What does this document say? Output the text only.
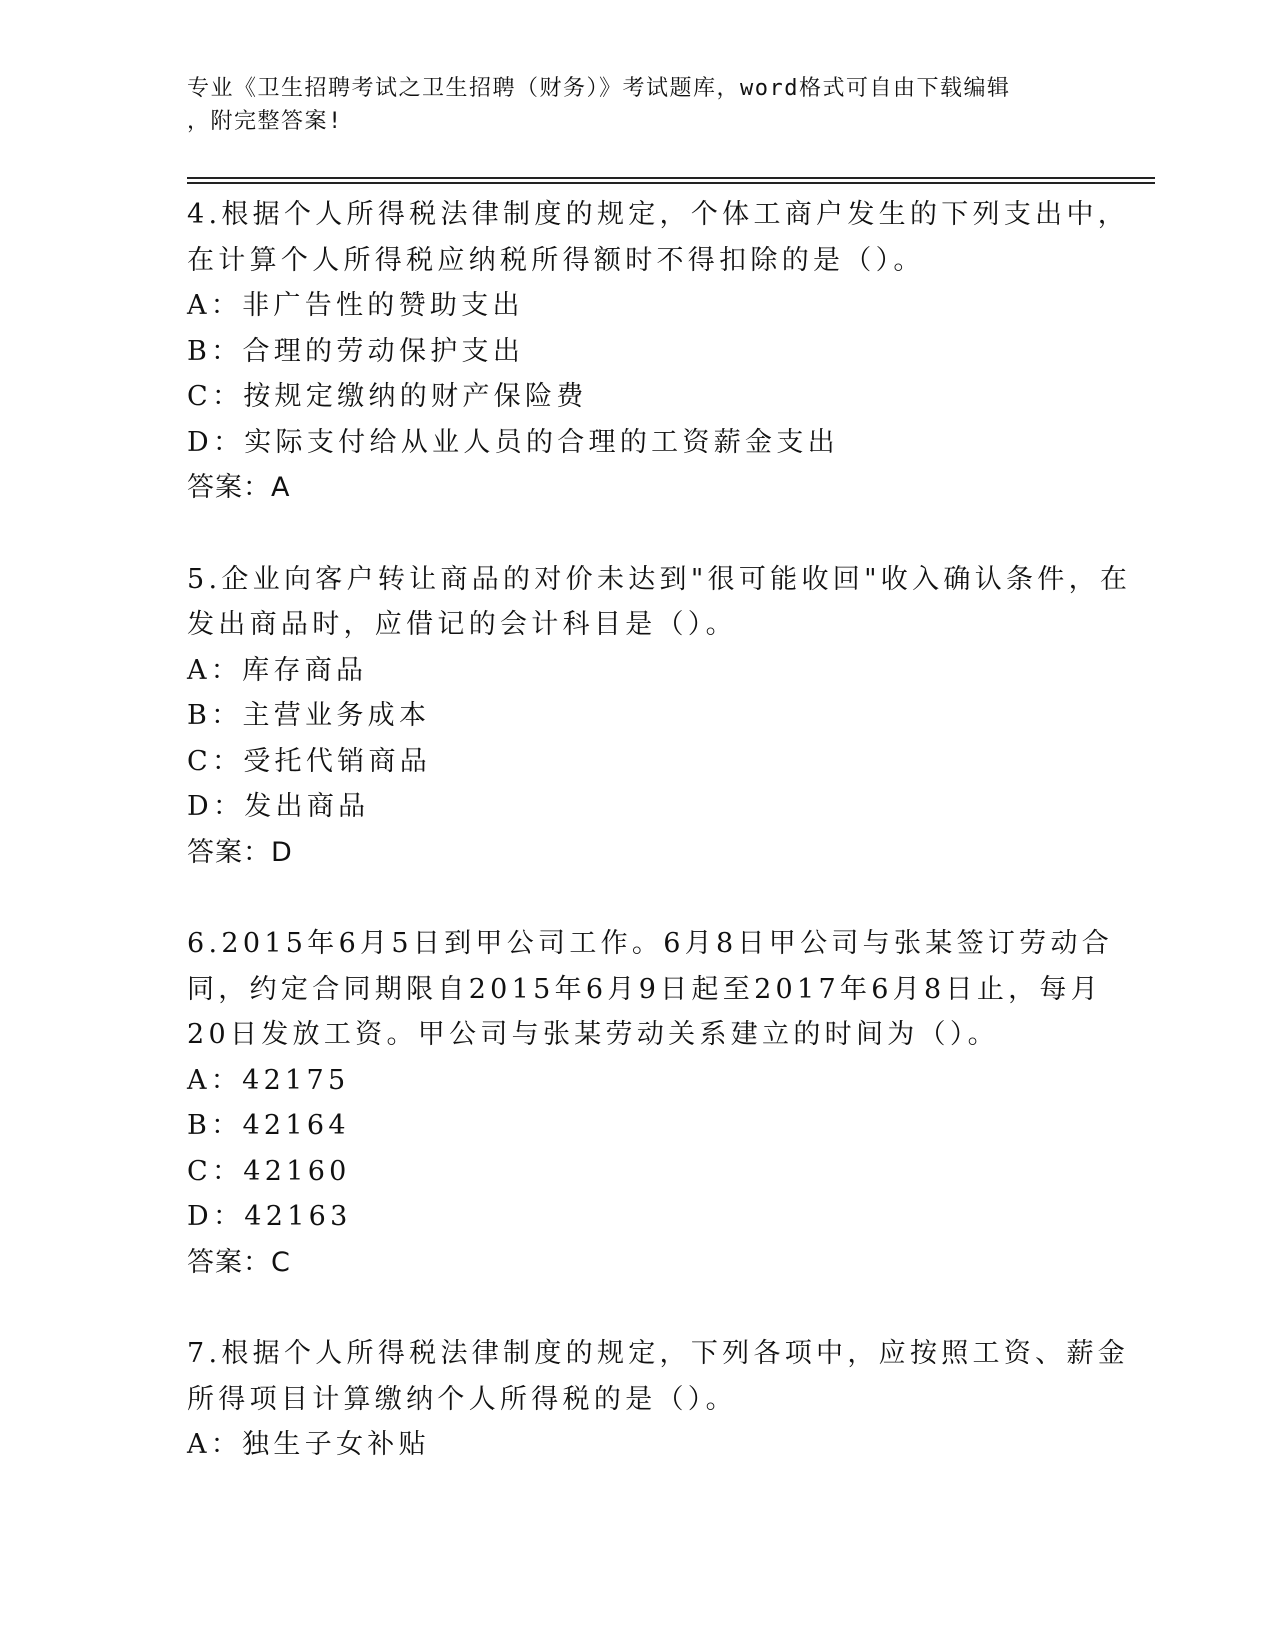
专业《卫生招聘考试之卫生招聘（财务）》考试题库，word格式可自由下载编辑
，附完整答案!
4.根据个人所得税法律制度的规定，个体工商户发生的下列支出中，
在计算个人所得税应纳税所得额时不得扣除的是（）。
A：非广告性的赞助支出
B：合理的劳动保护支出
C：按规定缴纳的财产保险费
D：实际支付给从业人员的合理的工资薪金支出
答案：A
5.企业向客户转让商品的对价未达到"很可能收回"收入确认条件，在
发出商品时，应借记的会计科目是（）。
A：库存商品
B：主营业务成本
C：受托代销商品
D：发出商品
答案：D
6.2015年6月5日到甲公司工作。6月8日甲公司与张某签订劳动合
同，约定合同期限自2015年6月9日起至2017年6月8日止，每月
20日发放工资。甲公司与张某劳动关系建立的时间为（）。
A：42175
B：42164
C：42160
D：42163
答案：C
7.根据个人所得税法律制度的规定，下列各项中，应按照工资、薪金
所得项目计算缴纳个人所得税的是（）。
A：独生子女补贴
